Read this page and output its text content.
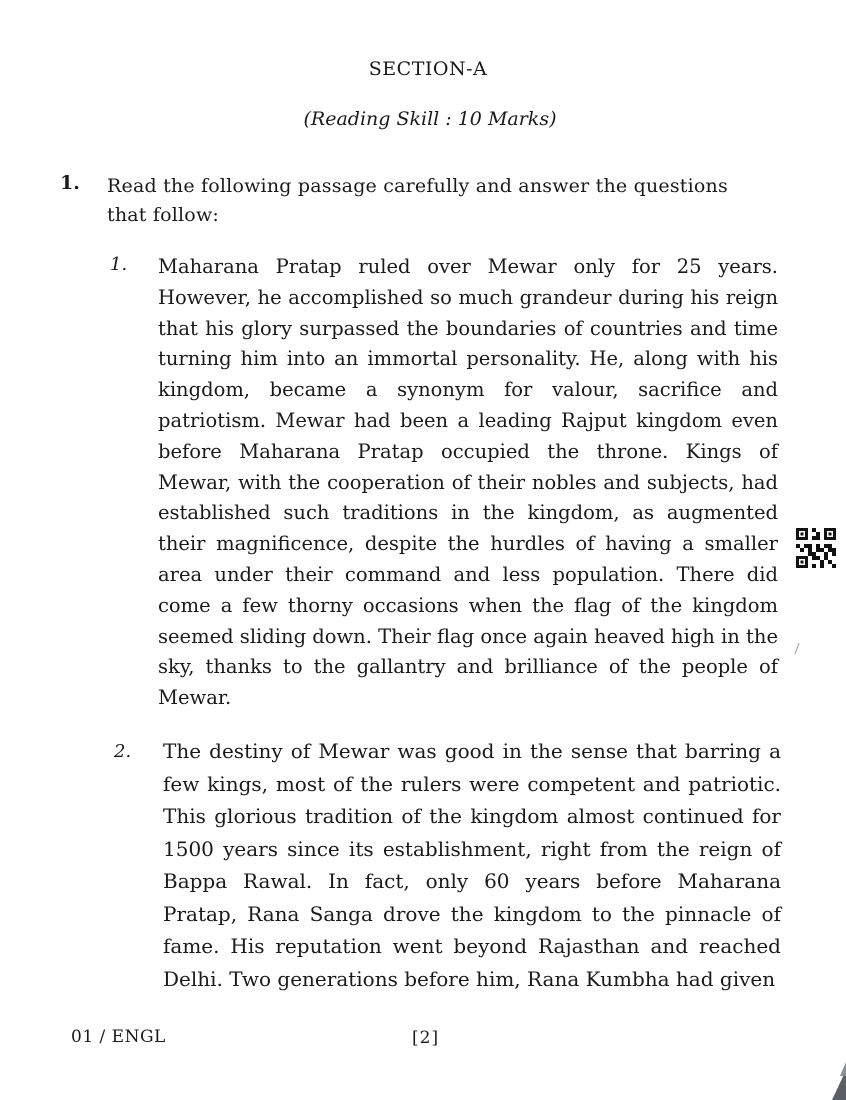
SECTION-A
(Reading Skill : 10 Marks)
1. Read the following passage carefully and answer the questions that follow:
1. Maharana Pratap ruled over Mewar only for 25 years. However, he accomplished so much grandeur during his reign that his glory surpassed the boundaries of countries and time turning him into an immortal personality. He, along with his kingdom, became a synonym for valour, sacrifice and patriotism. Mewar had been a leading Rajput kingdom even before Maharana Pratap occupied the throne. Kings of Mewar, with the cooperation of their nobles and subjects, had established such traditions in the kingdom, as augmented their magnificence, despite the hurdles of having a smaller area under their command and less population. There did come a few thorny occasions when the flag of the kingdom seemed sliding down. Their flag once again heaved high in the sky, thanks to the gallantry and brilliance of the people of Mewar.
2. The destiny of Mewar was good in the sense that barring a few kings, most of the rulers were competent and patriotic. This glorious tradition of the kingdom almost continued for 1500 years since its establishment, right from the reign of Bappa Rawal. In fact, only 60 years before Maharana Pratap, Rana Sanga drove the kingdom to the pinnacle of fame. His reputation went beyond Rajasthan and reached Delhi. Two generations before him, Rana Kumbha had given
01 / ENGL	[2]
